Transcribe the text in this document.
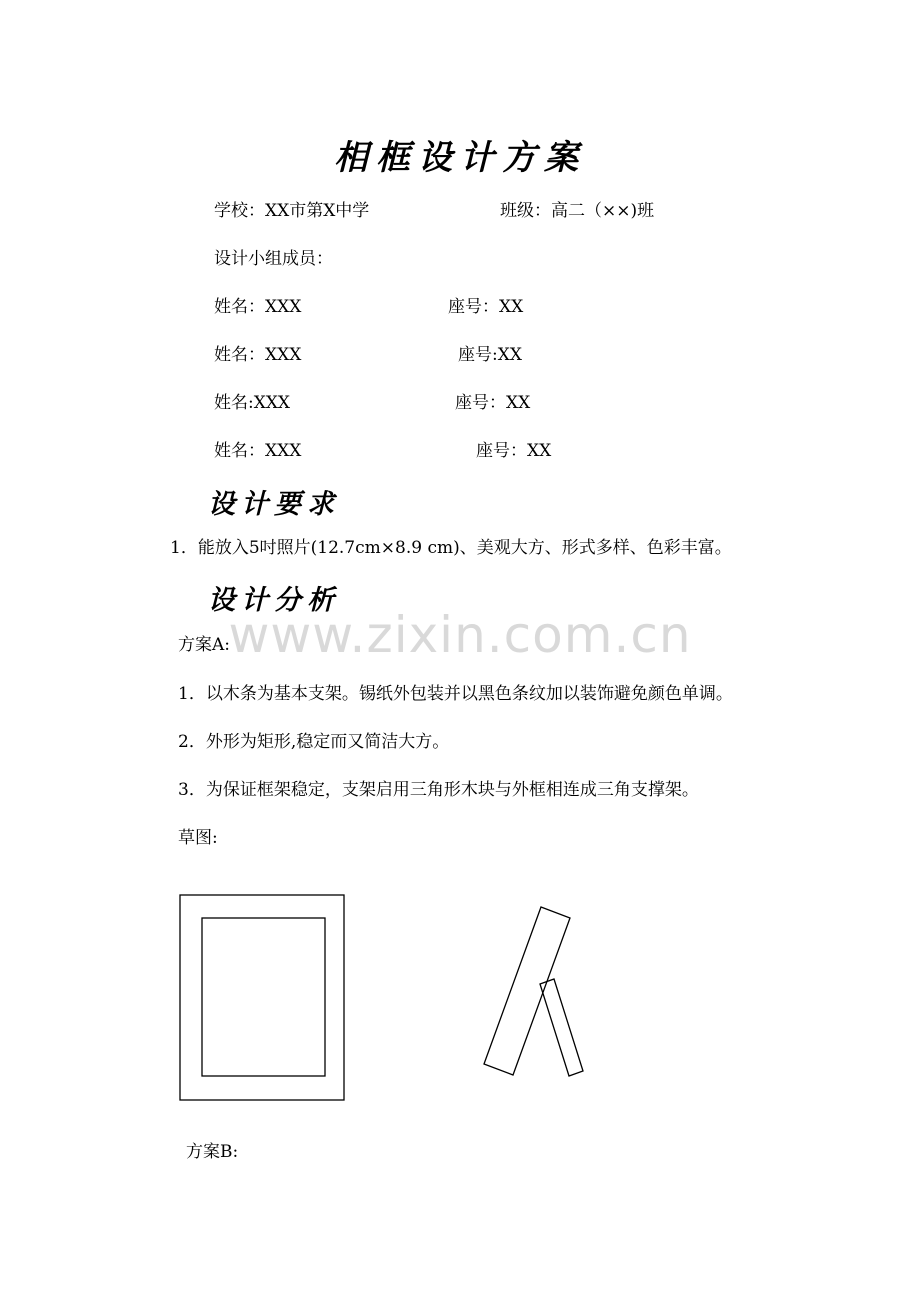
相框设计方案
学校：XX市第X中学	班级：高二（××)班
设计小组成员：
姓名：XXX	座号：XX
姓名：XXX	座号:XX
姓名:XXX	座号：XX
姓名：XXX	座号：XX
设计要求
1．能放入5吋照片(12.7cm×8.9 cm)、美观大方、形式多样、色彩丰富。
设计分析
www.zixin.com.cn
方案A:
1．以木条为基本支架。锡纸外包装并以黑色条纹加以装饰避免颜色单调。
2．外形为矩形,稳定而又简洁大方。
3．为保证框架稳定，支架启用三角形木块与外框相连成三角支撑架。
草图:
方案B:
